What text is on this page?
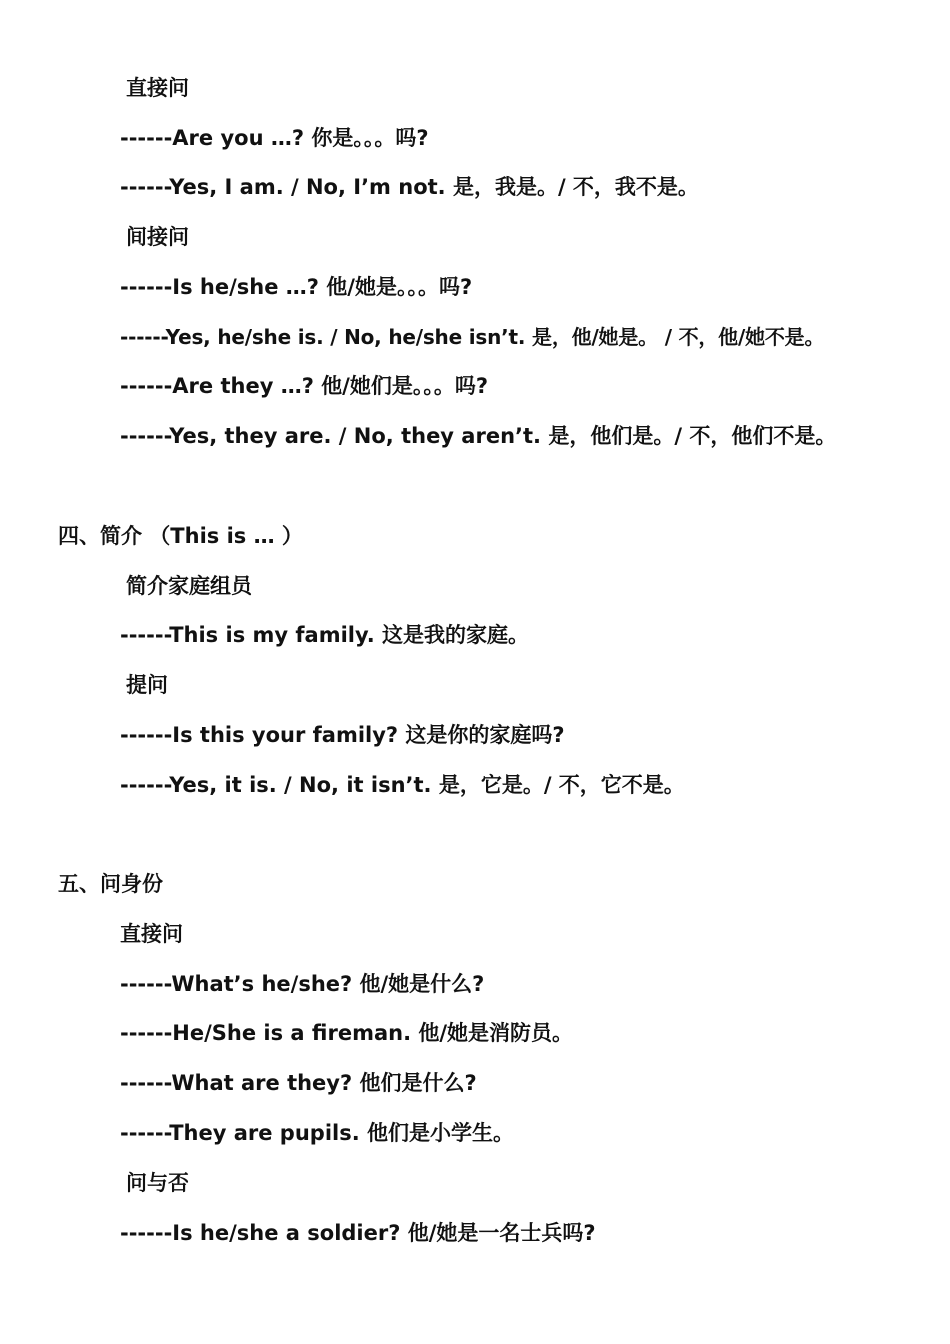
直接问
------Are you …? 你是。。。吗?
------Yes, I am. / No, I’m not. 是，我是。/ 不，我不是。
间接问
------Is he/she …? 他/她是。。。吗?
------Yes, he/she is. / No, he/she isn’t. 是，他/她是。 / 不，他/她不是。
------Are they …? 他/她们是。。。吗?
------Yes, they are. / No, they aren’t. 是，他们是。/ 不，他们不是。
四、简介 （This is … ）
简介家庭组员
------This is my family. 这是我的家庭。
提问
------Is this your family? 这是你的家庭吗?
------Yes, it is. / No, it isn’t. 是，它是。/ 不，它不是。
五、问身份
直接问
------What’s he/she? 他/她是什么?
------He/She is a fireman. 他/她是消防员。
------What are they? 他们是什么?
------They are pupils. 他们是小学生。
问与否
------Is he/she a soldier? 他/她是一名士兵吗?
